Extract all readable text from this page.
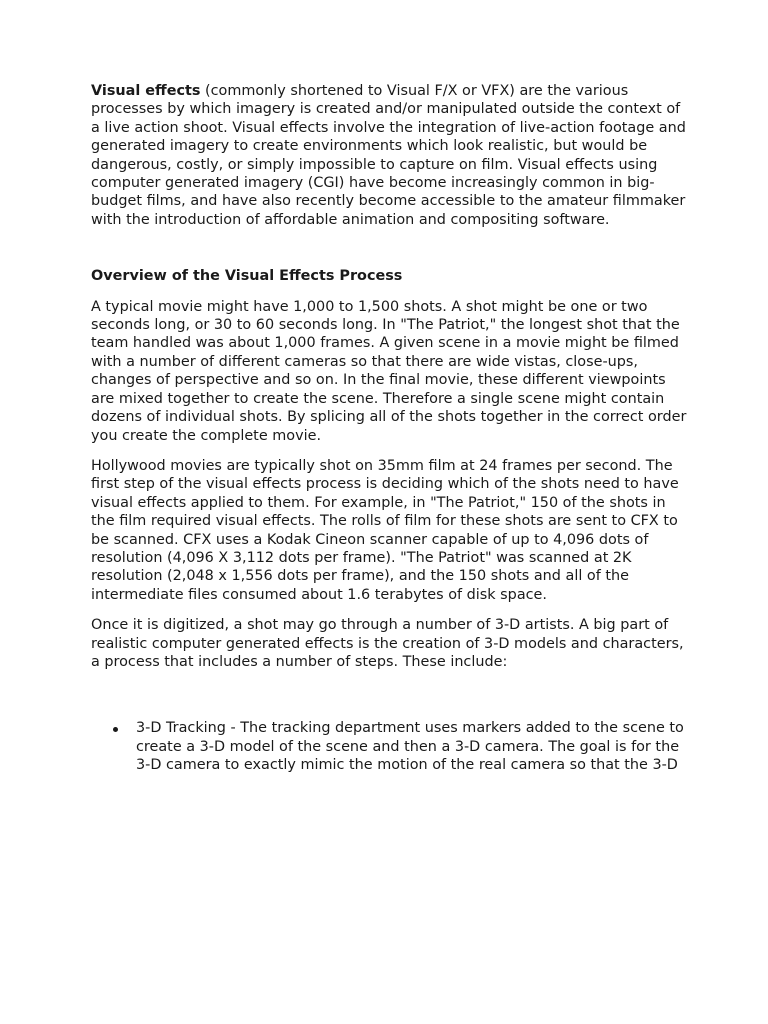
Visual effects (commonly shortened to Visual F/X or VFX) are the various processes by which imagery is created and/or manipulated outside the context of a live action shoot. Visual effects involve the integration of live-action footage and generated imagery to create environments which look realistic, but would be dangerous, costly, or simply impossible to capture on film. Visual effects using computer generated imagery (CGI) have become increasingly common in big-budget films, and have also recently become accessible to the amateur filmmaker with the introduction of affordable animation and compositing software.

Overview of the Visual Effects Process

A typical movie might have 1,000 to 1,500 shots. A shot might be one or two seconds long, or 30 to 60 seconds long. In "The Patriot," the longest shot that the team handled was about 1,000 frames. A given scene in a movie might be filmed with a number of different cameras so that there are wide vistas, close-ups, changes of perspective and so on. In the final movie, these different viewpoints are mixed together to create the scene. Therefore a single scene might contain dozens of individual shots. By splicing all of the shots together in the correct order you create the complete movie.

Hollywood movies are typically shot on 35mm film at 24 frames per second. The first step of the visual effects process is deciding which of the shots need to have visual effects applied to them. For example, in "The Patriot," 150 of the shots in the film required visual effects. The rolls of film for these shots are sent to CFX to be scanned. CFX uses a Kodak Cineon scanner capable of up to 4,096 dots of resolution (4,096 X 3,112 dots per frame). "The Patriot" was scanned at 2K resolution (2,048 x 1,556 dots per frame), and the 150 shots and all of the intermediate files consumed about 1.6 terabytes of disk space.

Once it is digitized, a shot may go through a number of 3-D artists. A big part of realistic computer generated effects is the creation of 3-D models and characters, a process that includes a number of steps. These include:

3-D Tracking - The tracking department uses markers added to the scene to create a 3-D model of the scene and then a 3-D camera. The goal is for the 3-D camera to exactly mimic the motion of the real camera so that the 3-D
